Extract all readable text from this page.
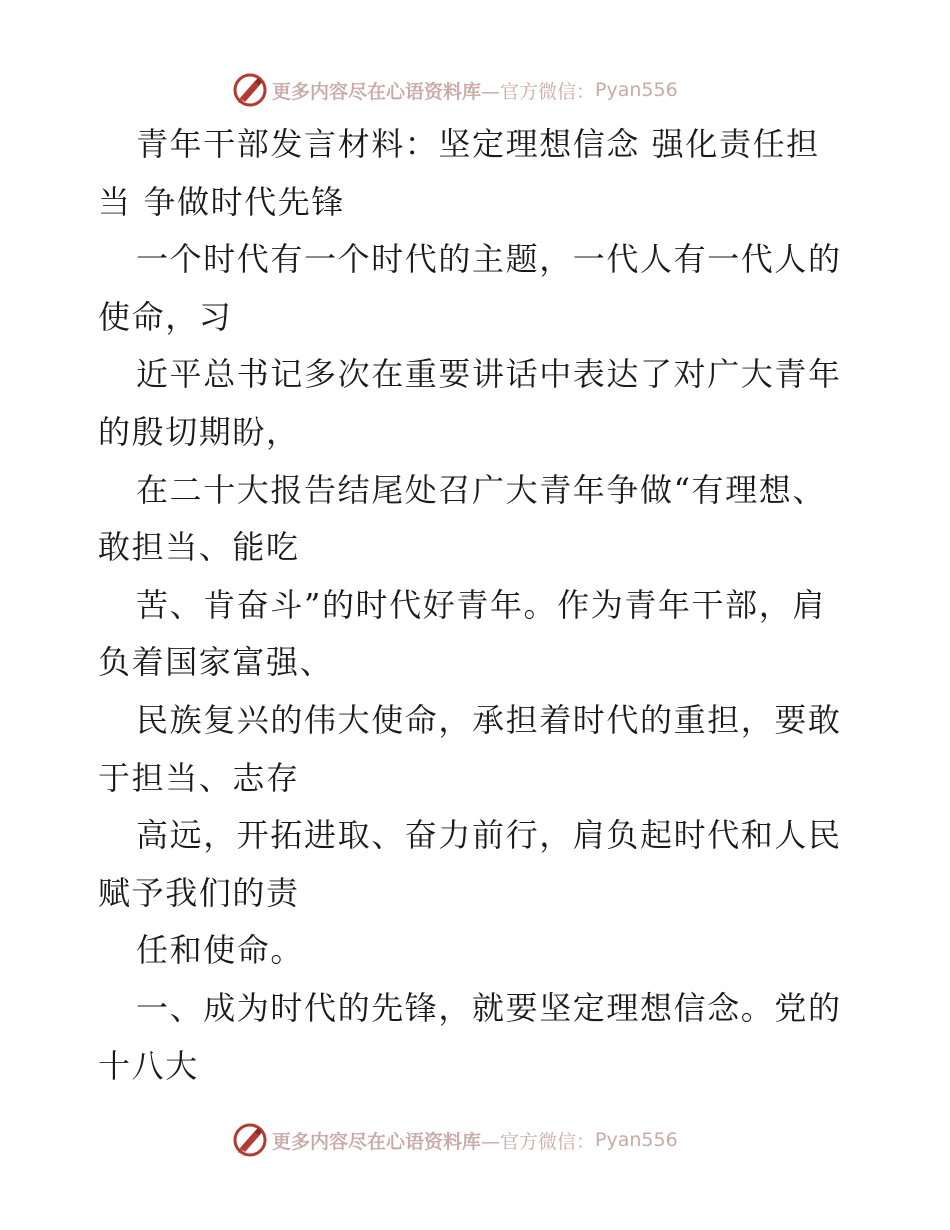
更多内容尽在心语资料库—官方微信： Pyan556
青年干部发言材料：坚定理想信念 强化责任担
当 争做时代先锋
一个时代有一个时代的主题，一代人有一代人的
使命，习
近平总书记多次在重要讲话中表达了对广大青年
的殷切期盼，
在二十大报告结尾处召广大青年争做“有理想、
敢担当、能吃
苦、肯奋斗”的时代好青年。作为青年干部，肩
负着国家富强、
民族复兴的伟大使命，承担着时代的重担，要敢
于担当、志存
高远，开拓进取、奋力前行，肩负起时代和人民
赋予我们的责
任和使命。
一、成为时代的先锋，就要坚定理想信念。党的
十八大
更多内容尽在心语资料库—官方微信： Pyan556
